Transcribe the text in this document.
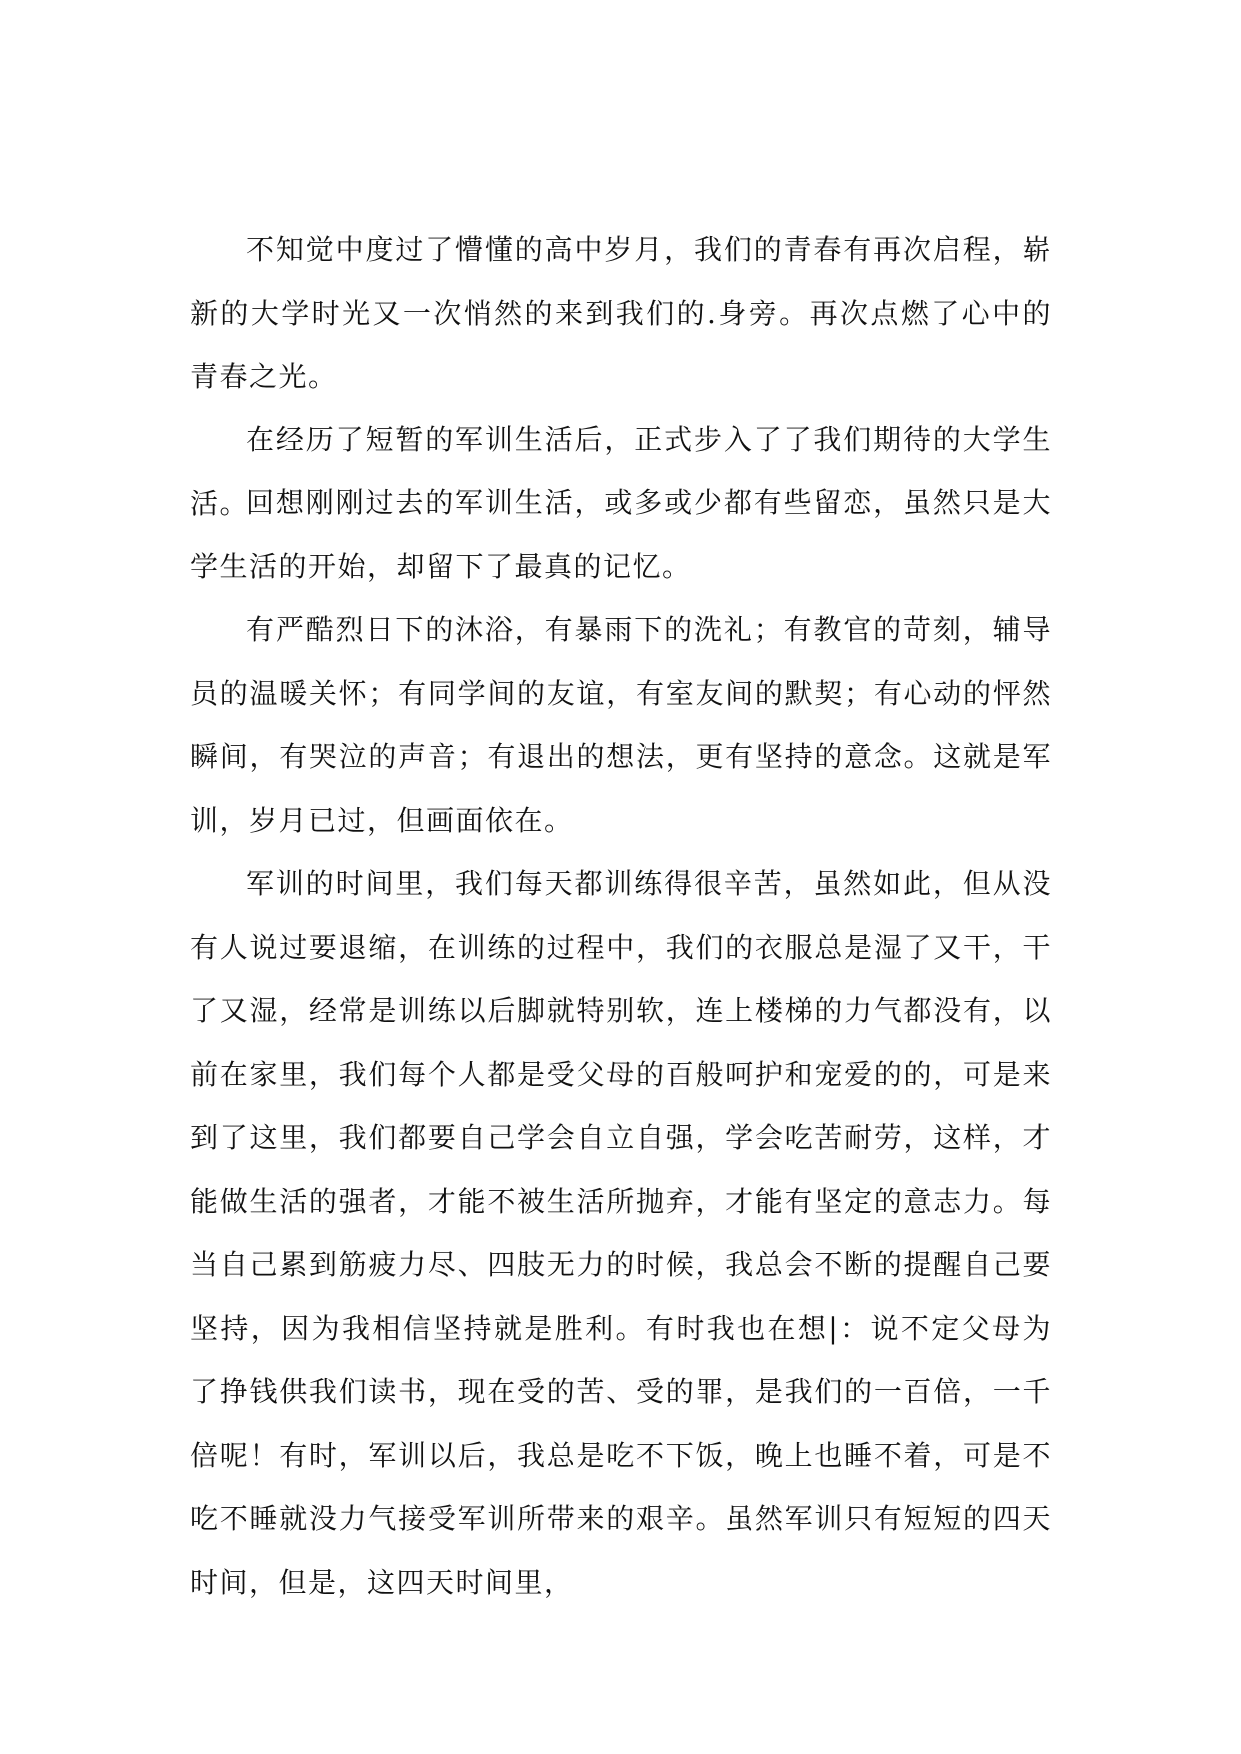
不知觉中度过了懵懂的高中岁月，我们的青春有再次启程，崭新的大学时光又一次悄然的来到我们的.身旁。再次点燃了心中的青春之光。

在经历了短暂的军训生活后，正式步入了了我们期待的大学生活。

回想刚刚过去的军训生活，或多或少都有些留恋，虽然只是大学生活的开始，却留下了最真的记忆。

有严酷烈日下的沐浴，有暴雨下的洗礼；有教官的苛刻，辅导员的温暖关怀；有同学间的友谊，有室友间的默契；有心动的怦然瞬间，有哭泣的声音；有退出的想法，更有坚持的意念。这就是军训，岁月已过，但画面依在。

军训的时间里，我们每天都训练得很辛苦，虽然如此，但从没有人说过要退缩，在训练的过程中，我们的衣服总是湿了又干，干了又湿，经常是训练以后脚就特别软，连上楼梯的力气都没有，以前在家里，我们每个人都是受父母的百般呵护和宠爱的的，可是来到了这里，我们都要自己学会自立自强，学会吃苦耐劳，这样，才能做生活的强者，才能不被生活所抛弃，才能有坚定的意志力。每当自己累到筋疲力尽、四肢无力的时候，我总会不断的提醒自己要坚持，因为我相信坚持就是胜利。有时我也在想|：说不定父母为了挣钱供我们读书，现在受的苦、受的罪，是我们的一百倍，一千倍呢！有时，军训以后，我总是吃不下饭，晚上也睡不着，可是不吃不睡就没力气接受军训所带来的艰辛。虽然军训只有短短的四天时间，但是，这四天时间里，
